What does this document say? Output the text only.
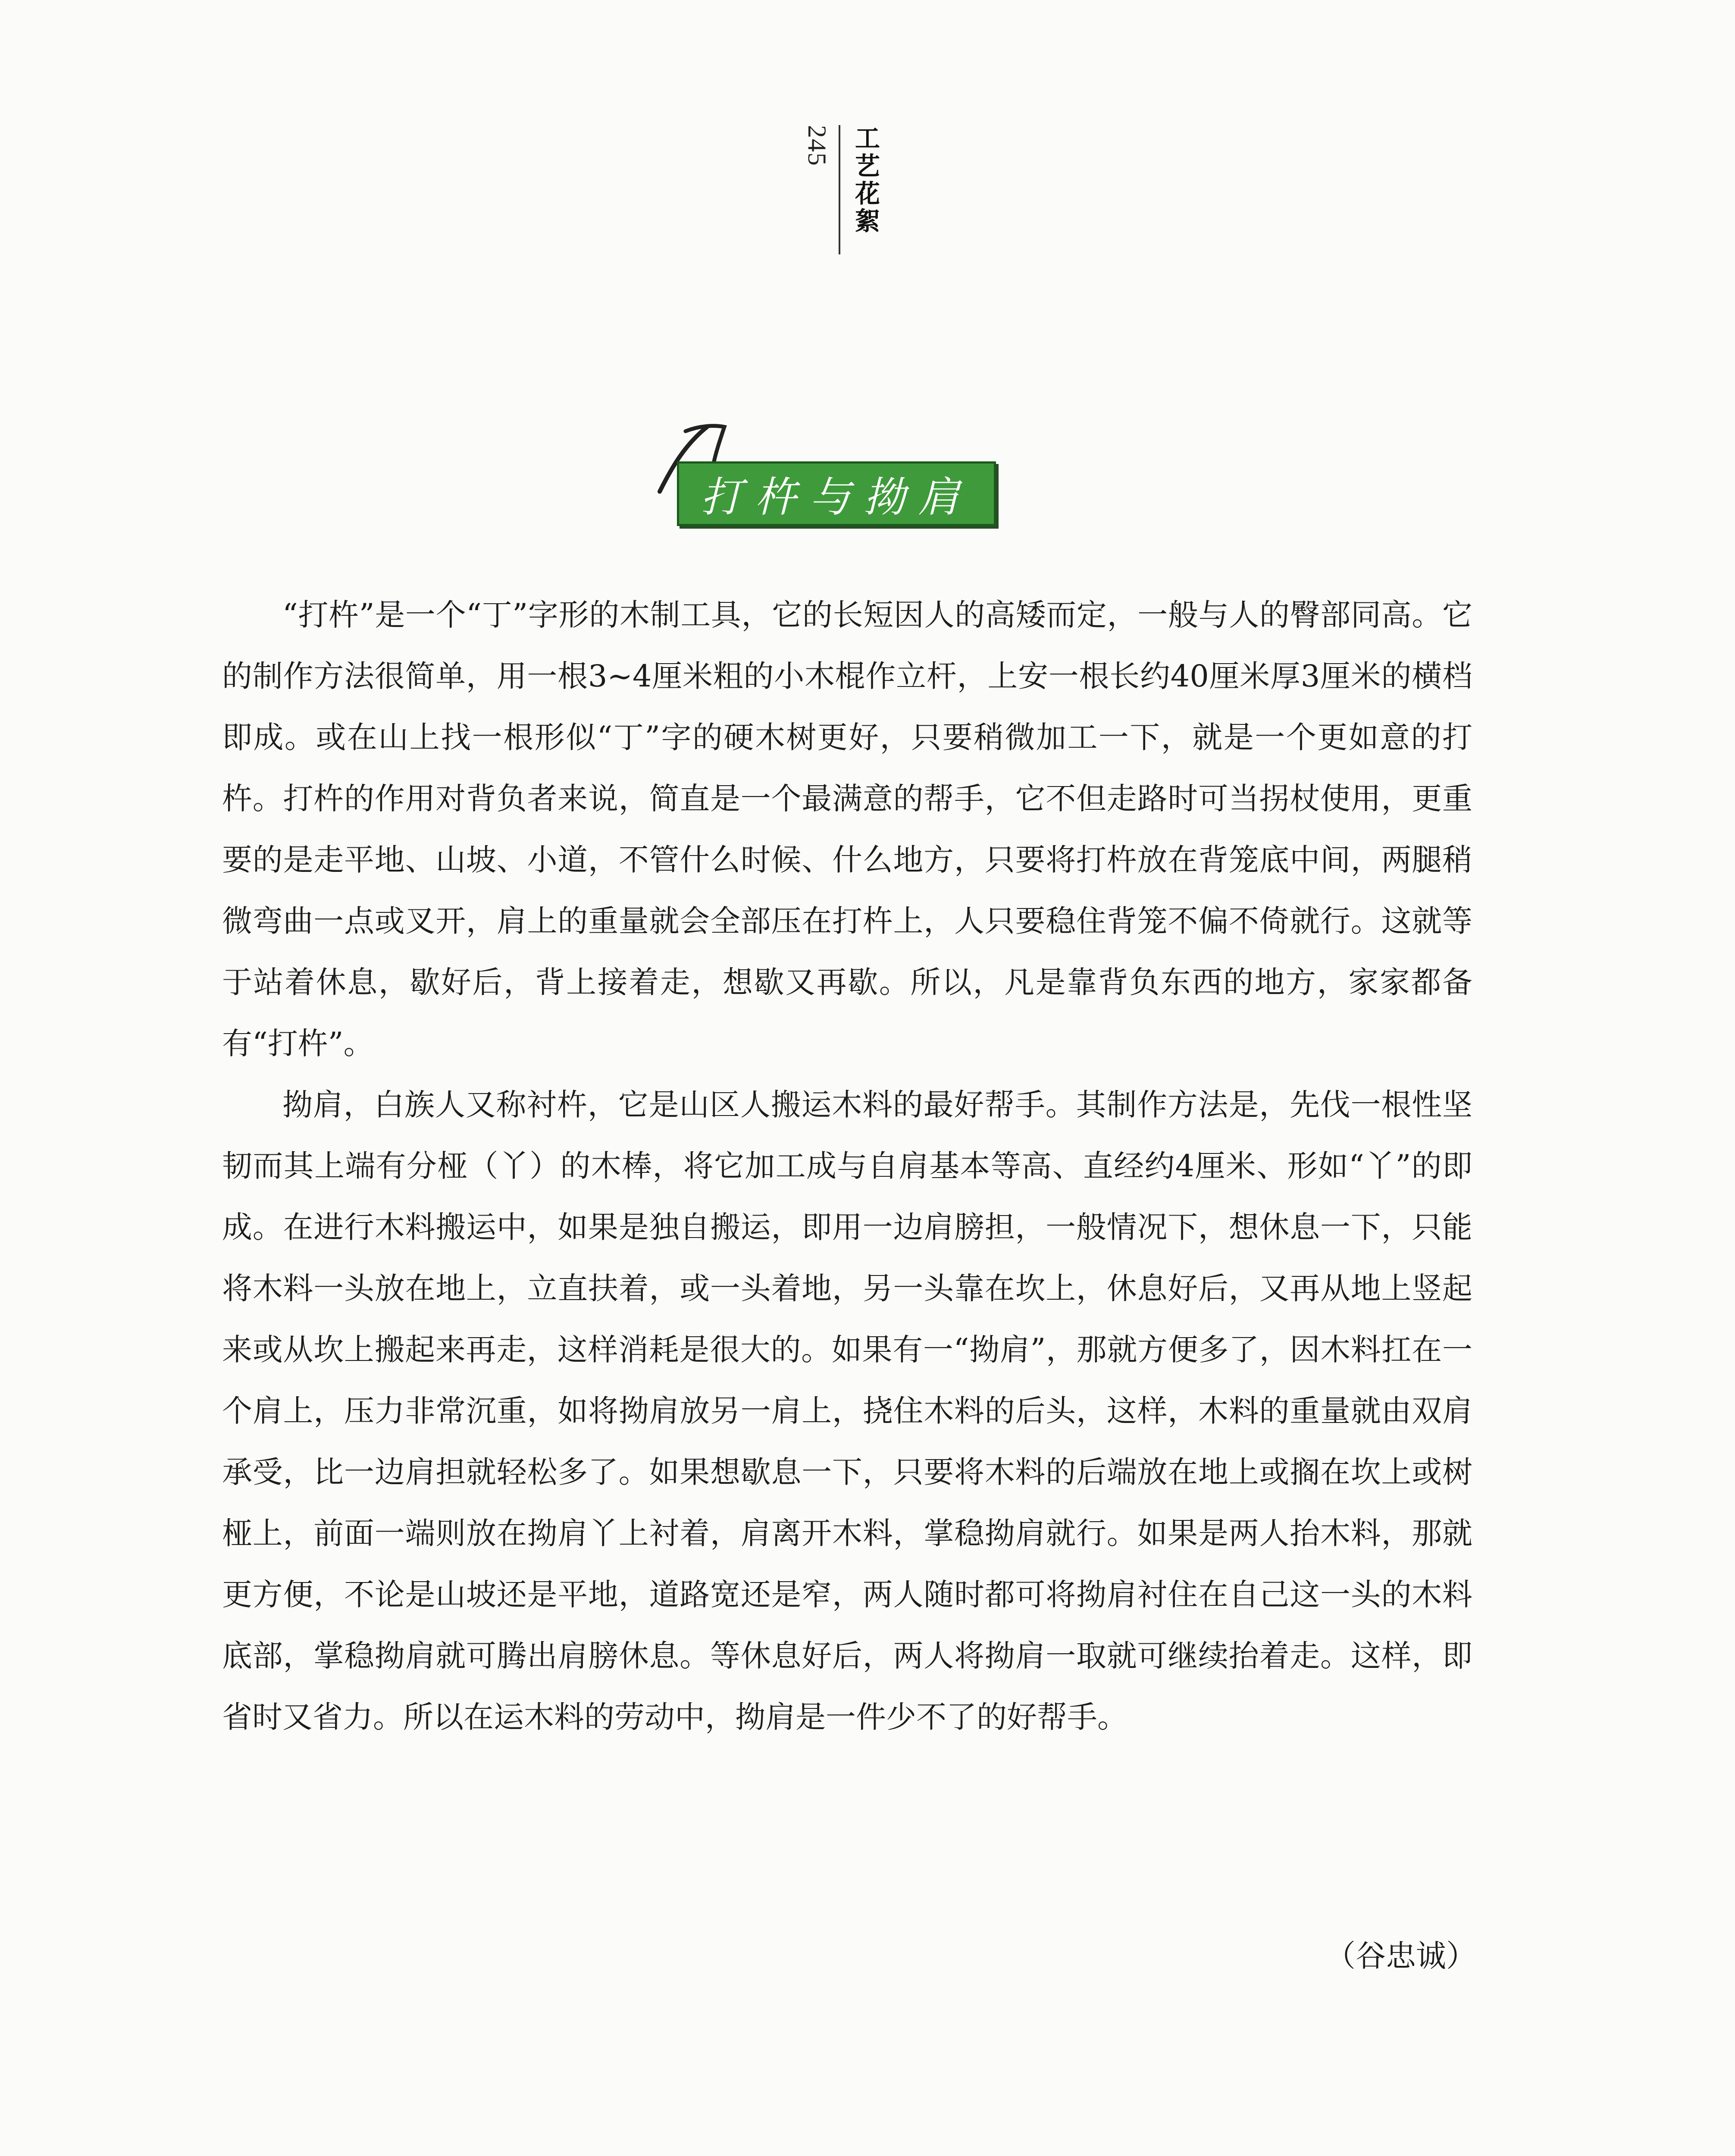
245 工艺花絮
打杵与拗肩

“打杵”是一个“丁”字形的木制工具，它的长短因人的高矮而定，一般与人的臀部同高。它的制作方法很简单，用一根3~4厘米粗的小木棍作立杆，上安一根长约40厘米厚3厘米的横档即成。或在山上找一根形似“丁”字的硬木树更好，只要稍微加工一下，就是一个更如意的打杵。打杵的作用对背负者来说，简直是一个最满意的帮手，它不但走路时可当拐杖使用，更重要的是走平地、山坡、小道，不管什么时候、什么地方，只要将打杵放在背笼底中间，两腿稍微弯曲一点或叉开，肩上的重量就会全部压在打杵上，人只要稳住背笼不偏不倚就行。这就等于站着休息，歇好后，背上接着走，想歇又再歇。所以，凡是靠背负东西的地方，家家都备有“打杵”。

拗肩，白族人又称衬杵，它是山区人搬运木料的最好帮手。其制作方法是，先伐一根性坚韧而其上端有分桠（丫）的木棒，将它加工成与自肩基本等高、直经约4厘米、形如“丫”的即成。在进行木料搬运中，如果是独自搬运，即用一边肩膀担，一般情况下，想休息一下，只能将木料一头放在地上，立直扶着，或一头着地，另一头靠在坎上，休息好后，又再从地上竖起来或从坎上搬起来再走，这样消耗是很大的。如果有一“拗肩”，那就方便多了，因木料扛在一个肩上，压力非常沉重，如将拗肩放另一肩上，挠住木料的后头，这样，木料的重量就由双肩承受，比一边肩担就轻松多了。如果想歇息一下，只要将木料的后端放在地上或搁在坎上或树桠上，前面一端则放在拗肩丫上衬着，肩离开木料，掌稳拗肩就行。如果是两人抬木料，那就更方便，不论是山坡还是平地，道路宽还是窄，两人随时都可将拗肩衬住在自己这一头的木料底部，掌稳拗肩就可腾出肩膀休息。等休息好后，两人将拗肩一取就可继续抬着走。这样，即省时又省力。所以在运木料的劳动中，拗肩是一件少不了的好帮手。

（谷忠诚）
